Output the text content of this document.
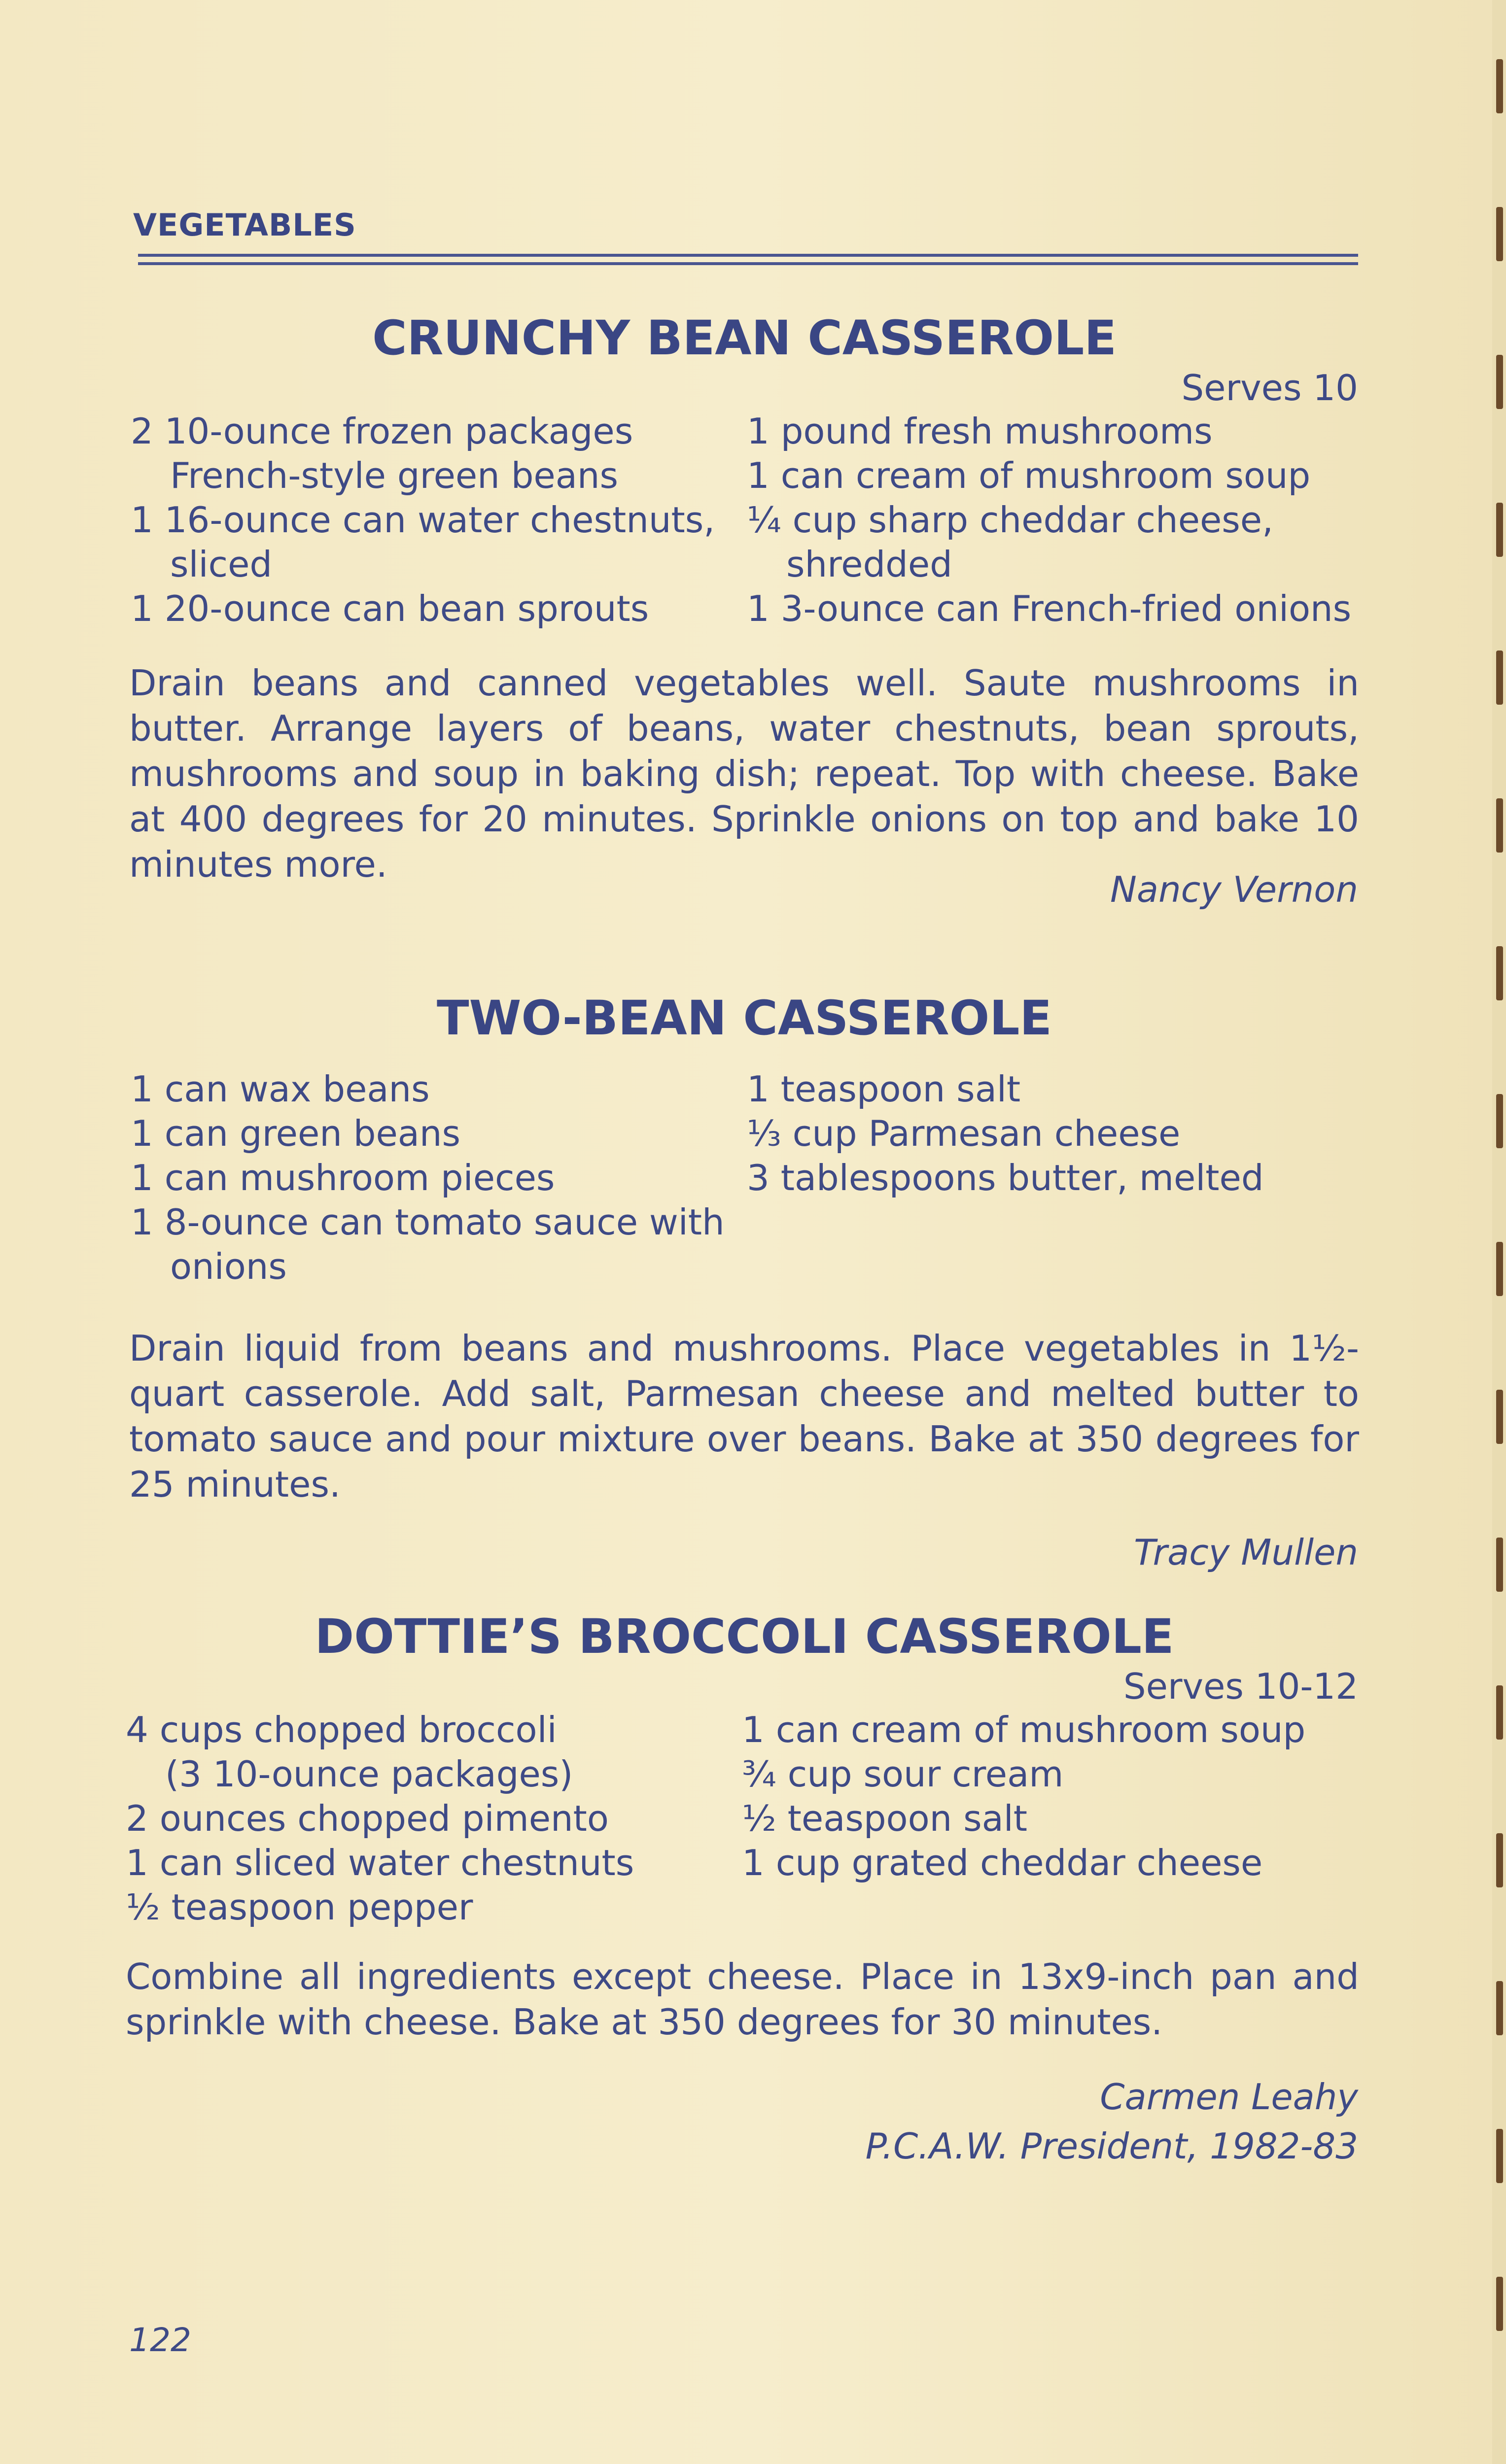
VEGETABLES
CRUNCHY BEAN CASSEROLE
Serves 10
2 10-ounce frozen packages
French-style green beans
1 16-ounce can water chestnuts,
sliced
1 20-ounce can bean sprouts
1 pound fresh mushrooms
1 can cream of mushroom soup
¼ cup sharp cheddar cheese,
shredded
1 3-ounce can French-fried onions
Drain beans and canned vegetables well. Saute mushrooms in butter. Arrange layers of beans, water chestnuts, bean sprouts, mushrooms and soup in baking dish; repeat. Top with cheese. Bake at 400 degrees for 20 minutes. Sprinkle onions on top and bake 10 minutes more.
Nancy Vernon
TWO-BEAN CASSEROLE
1 can wax beans
1 can green beans
1 can mushroom pieces
1 8-ounce can tomato sauce with
onions
1 teaspoon salt
⅓ cup Parmesan cheese
3 tablespoons butter, melted
Drain liquid from beans and mushrooms. Place vegetables in 1½-quart casserole. Add salt, Parmesan cheese and melted butter to tomato sauce and pour mixture over beans. Bake at 350 degrees for 25 minutes.
Tracy Mullen
DOTTIE’S BROCCOLI CASSEROLE
Serves 10-12
4 cups chopped broccoli
(3 10-ounce packages)
2 ounces chopped pimento
1 can sliced water chestnuts
½ teaspoon pepper
1 can cream of mushroom soup
¾ cup sour cream
½ teaspoon salt
1 cup grated cheddar cheese
Combine all ingredients except cheese. Place in 13x9-inch pan and sprinkle with cheese. Bake at 350 degrees for 30 minutes.
Carmen Leahy
P.C.A.W. President, 1982-83
122
